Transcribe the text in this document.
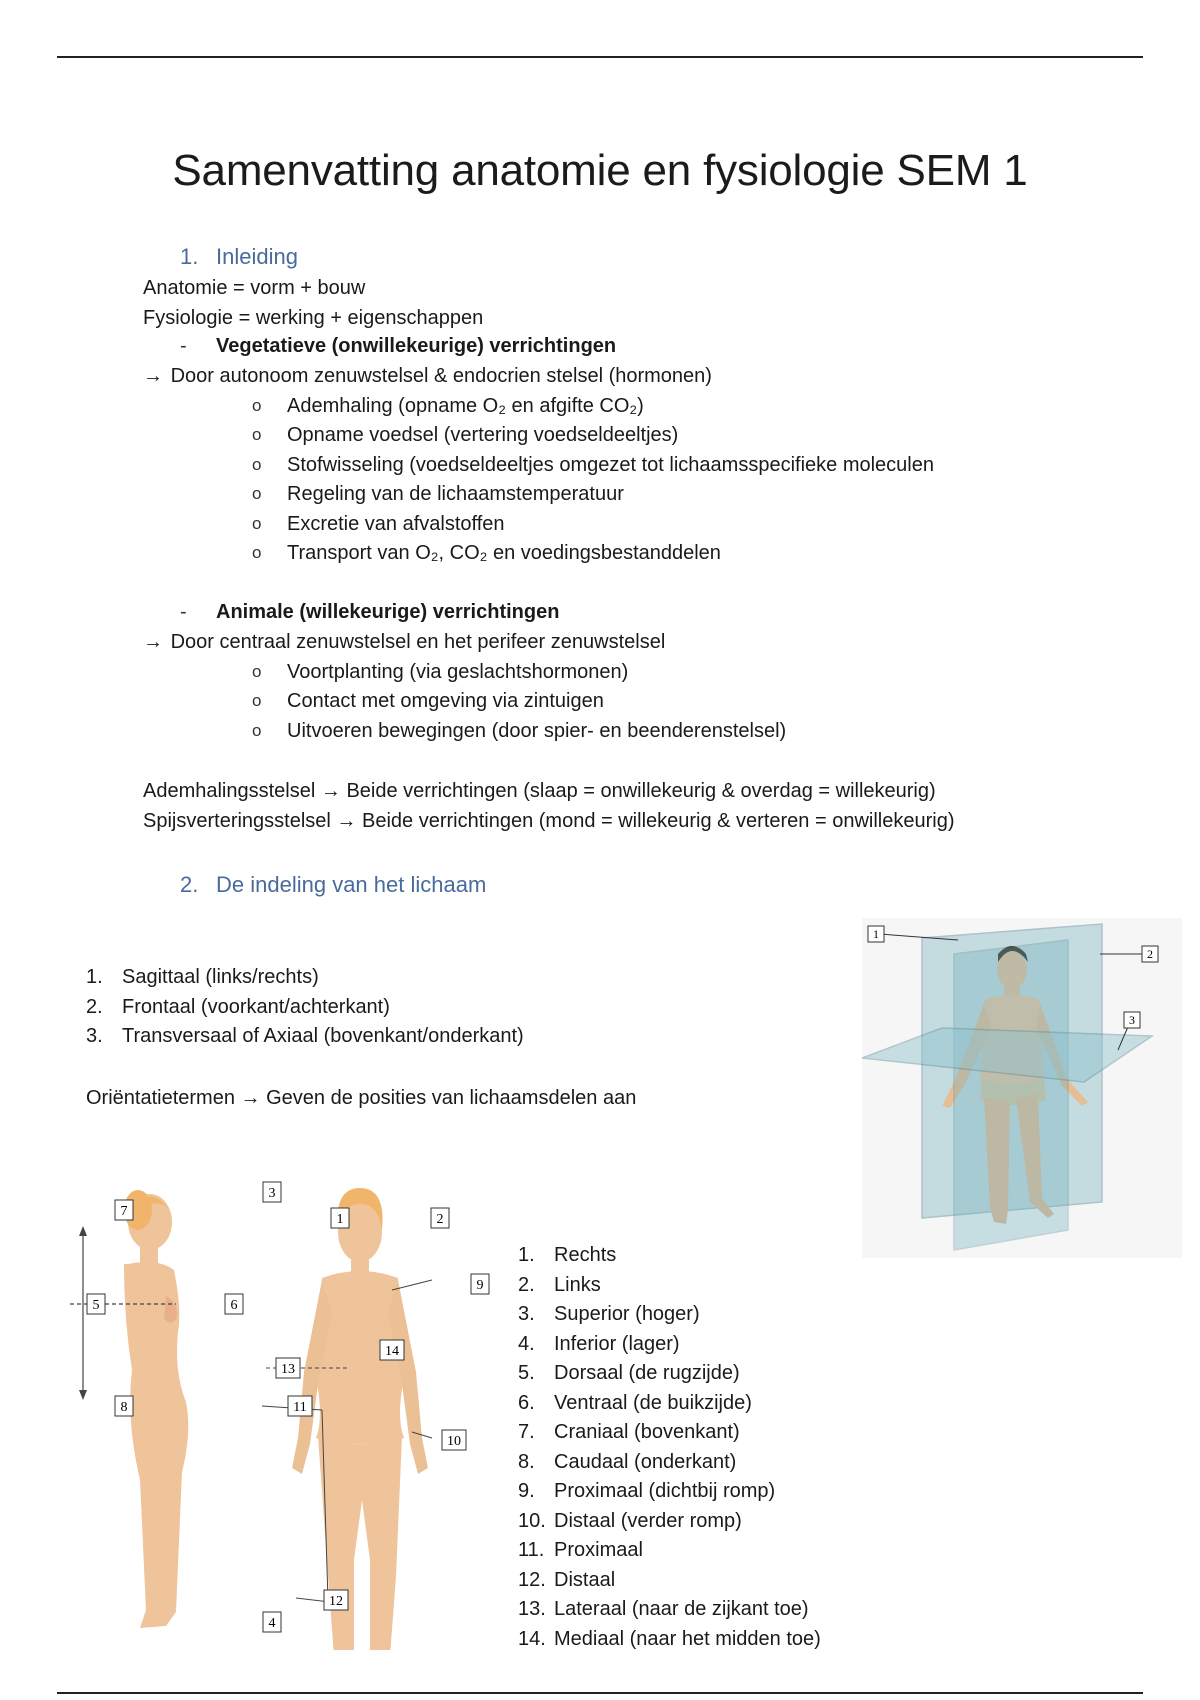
Samenvatting anatomie en fysiologie SEM 1
1. Inleiding
Anatomie = vorm + bouw
Fysiologie = werking + eigenschappen
- Vegetatieve (onwillekeurige) verrichtingen
→ Door autonoom zenuwstelsel & endocrien stelsel (hormonen)
o Ademhaling (opname O₂ en afgifte CO₂)
o Opname voedsel (vertering voedseldeeltjes)
o Stofwisseling (voedseldeeltjes omgezet tot lichaamsspecifieke moleculen
o Regeling van de lichaamstemperatuur
o Excretie van afvalstoffen
o Transport van O₂, CO₂ en voedingsbestanddelen
- Animale (willekeurige) verrichtingen
→ Door centraal zenuwstelsel en het perifeer zenuwstelsel
o Voortplanting (via geslachtshormonen)
o Contact met omgeving via zintuigen
o Uitvoeren bewegingen (door spier- en beenderenstelsel)
Ademhalingsstelsel → Beide verrichtingen (slaap = onwillekeurig & overdag = willekeurig)
Spijsverteringsstelsel → Beide verrichtingen (mond = willekeurig & verteren = onwillekeurig)
2. De indeling van het lichaam
1. Sagittaal (links/rechts)
2. Frontaal (voorkant/achterkant)
3. Transversaal of Axiaal (bovenkant/onderkant)
Oriëntatietermen → Geven de posities van lichaamsdelen aan
1. Rechts
2. Links
3. Superior (hoger)
4. Inferior (lager)
5. Dorsaal (de rugzijde)
6. Ventraal (de buikzijde)
7. Craniaal (bovenkant)
8. Caudaal (onderkant)
9. Proximaal (dichtbij romp)
10. Distaal (verder romp)
11. Proximaal
12. Distaal
13. Lateraal (naar de zijkant toe)
14. Mediaal (naar het midden toe)
1
2
3
7
3
1	2
5	6
9
14
13
8	11
10
12
4
